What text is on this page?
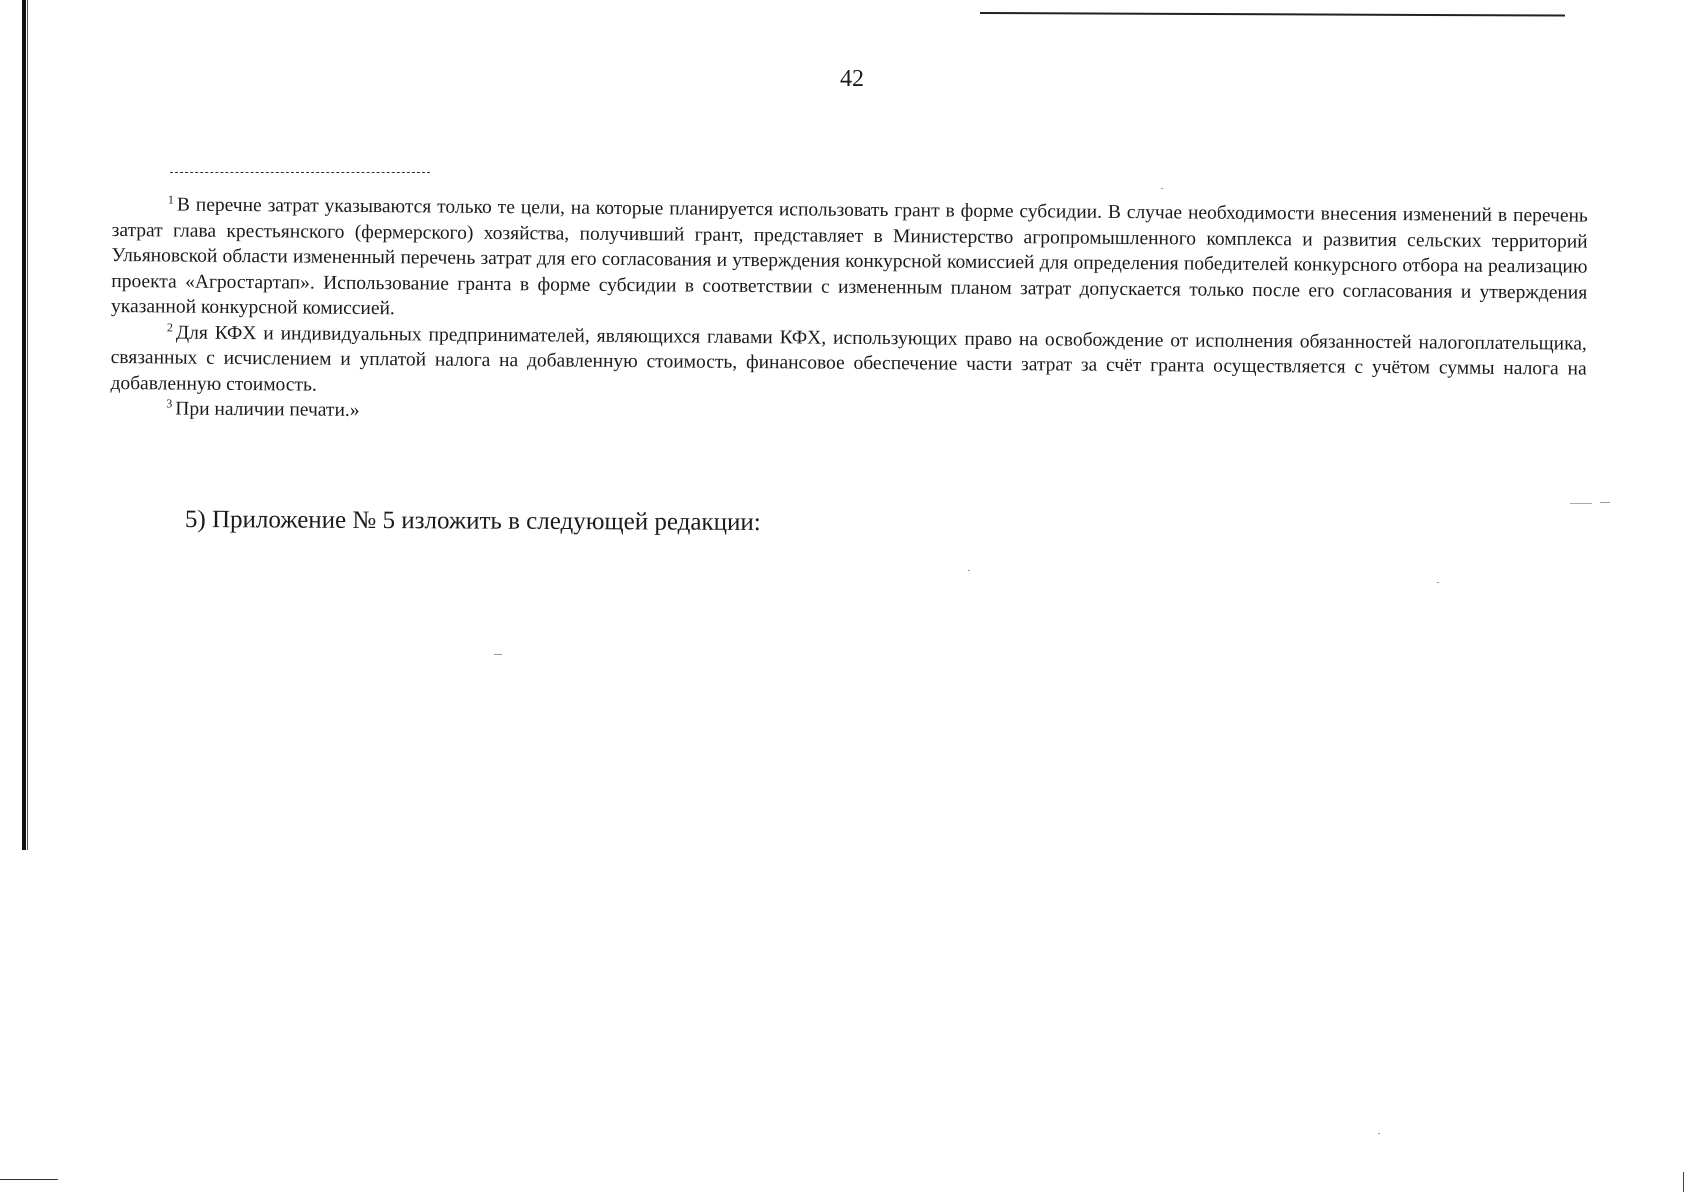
42

$^1$ В перечне затрат указываются только те цели, на которые планируется использовать грант в форме субсидии. В случае необходимости внесения изменений в перечень затрат глава крестьянского (фермерского) хозяйства, получивший грант, представляет в Министерство агропромышленного комплекса и развития сельских территорий Ульяновской области измененный перечень затрат для его согласования и утверждения конкурсной комиссией для определения победителей конкурсного отбора на реализацию проекта «Агростартап». Использование гранта в форме субсидии в соответствии с измененным планом затрат допускается только после его согласования и утверждения указанной конкурсной комиссией.

$^2$ Для КФХ и индивидуальных предпринимателей, являющихся главами КФХ, использующих право на освобождение от исполнения обязанностей налогоплательщика, связанных с исчислением и уплатой налога на добавленную стоимость, финансовое обеспечение части затрат за счёт гранта осуществляется с учётом суммы налога на добавленную стоимость.

$^3$ При наличии печати.»

5) Приложение № 5 изложить в следующей редакции:
